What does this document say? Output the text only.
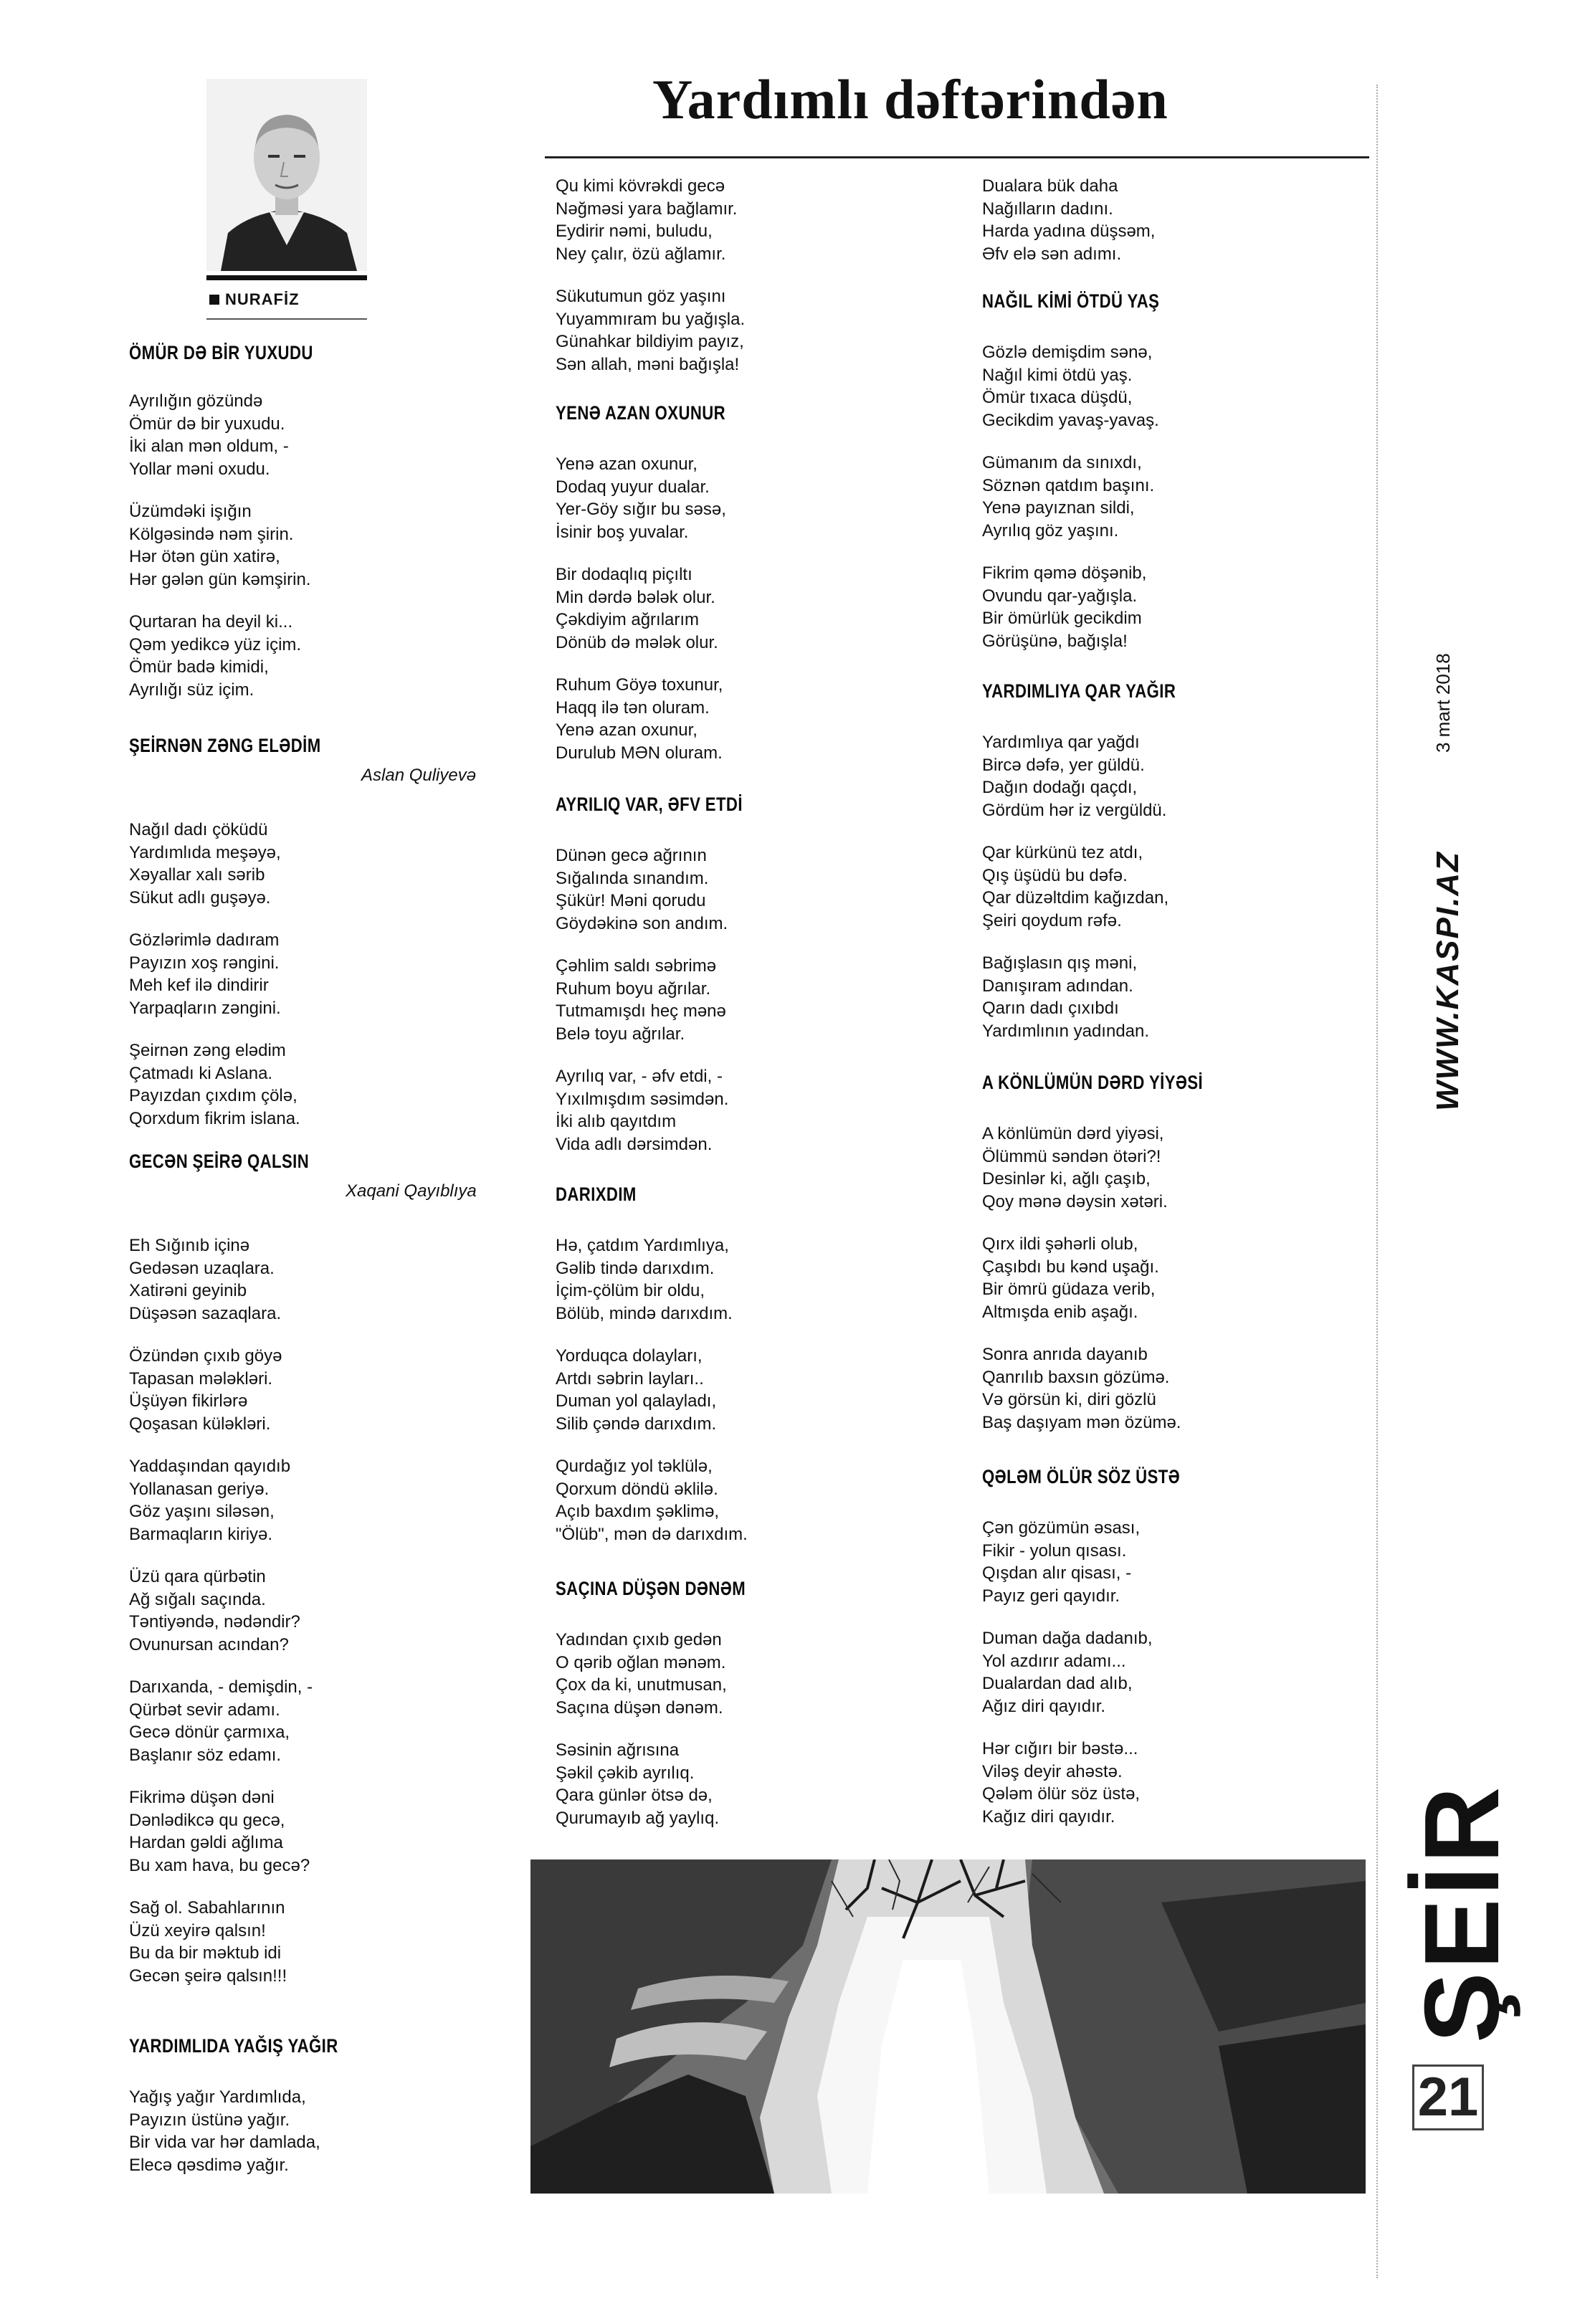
Yardımlı dəftərindən
NURAFİZ
ÖMÜR DƏ BİR YUXUDU
Ayrılığın gözündə
Ömür də bir yuxudu.
İki alan mən oldum, -
Yollar məni oxudu.
Üzümdəki işığın
Kölgəsində nəm şirin.
Hər ötən gün xatirə,
Hər gələn gün kəmşirin.
Qurtaran ha deyil ki...
Qəm yedikcə yüz içim.
Ömür badə kimidi,
Ayrılığı süz içim.
ŞEİRNƏN ZƏNG ELƏDİM
Aslan Quliyevə
Nağıl dadı çöküdü
Yardımlıda meşəyə,
Xəyallar xalı sərib
Sükut adlı guşəyə.
Gözlərimlə dadıram
Payızın xoş rəngini.
Meh kef ilə dindirir
Yarpaqların zəngini.
Şeirnən zəng elədim
Çatmadı ki Aslana.
Payızdan çıxdım çölə,
Qorxdum fikrim islana.
GECƏN ŞEİRƏ QALSIN
Xaqani Qayıblıya
Eh Sığınıb içinə
Gedəsən uzaqlara.
Xatirəni geyinib
Düşəsən sazaqlara.
Özündən çıxıb göyə
Tapasan mələkləri.
Üşüyən fikirlərə
Qoşasan küləkləri.
Yaddaşından qayıdıb
Yollanasan geriyə.
Göz yaşını siləsən,
Barmaqların kiriyə.
Üzü qara qürbətin
Ağ sığalı saçında.
Təntiyəndə, nədəndir?
Ovunursan acından?
Darıxanda, - demişdin, -
Qürbət sevir adamı.
Gecə dönür çarmıxa,
Başlanır söz edamı.
Fikrimə düşən dəni
Dənlədikcə qu gecə,
Hardan gəldi ağlıma
Bu xam hava, bu gecə?
Sağ ol. Sabahlarının
Üzü xeyirə qalsın!
Bu da bir məktub idi
Gecən şeirə qalsın!!!
YARDIMLIDA YAĞIŞ YAĞIR
Yağış yağır Yardımlıda,
Payızın üstünə yağır.
Bir vida var hər damlada,
Elecə qəsdimə yağır.
Qu kimi kövrəkdi gecə
Nəğməsi yara bağlamır.
Eydirir nəmi, buludu,
Ney çalır, özü ağlamır.
Sükutumun göz yaşını
Yuyammıram bu yağışla.
Günahkar bildiyim payız,
Sən allah, məni bağışla!
YENƏ AZAN OXUNUR
Yenə azan oxunur,
Dodaq yuyur dualar.
Yer-Göy sığır bu səsə,
İsinir boş yuvalar.
Bir dodaqlıq piçıltı
Min dərdə bələk olur.
Çəkdiyim ağrılarım
Dönüb də mələk olur.
Ruhum Göyə toxunur,
Haqq ilə tən oluram.
Yenə azan oxunur,
Durulub MƏN oluram.
AYRILIQ VAR, ƏFV ETDİ
Dünən gecə ağrının
Sığalında sınandım.
Şükür! Məni qorudu
Göydəkinə son andım.
Çəhlim saldı səbrimə
Ruhum boyu ağrılar.
Tutmamışdı heç mənə
Belə toyu ağrılar.
Ayrılıq var, - əfv etdi, -
Yıxılmışdım səsimdən.
İki alıb qayıtdım
Vida adlı dərsimdən.
DARIXDIM
Hə, çatdım Yardımlıya,
Gəlib tində darıxdım.
İçim-çölüm bir oldu,
Bölüb, mində darıxdım.
Yorduqca dolayları,
Artdı səbrin layları..
Duman yol qalayladı,
Silib çəndə darıxdım.
Qurdağız yol təklülə,
Qorxum döndü əklilə.
Açıb baxdım şəklimə,
"Ölüb", mən də darıxdım.
SAÇINA DÜŞƏN DƏNƏM
Yadından çıxıb gedən
O qərib oğlan mənəm.
Çox da ki, unutmusan,
Saçına düşən dənəm.
Səsinin ağrısına
Şəkil çəkib ayrılıq.
Qara günlər ötsə də,
Qurumayıb ağ yaylıq.
Dualara bük daha
Nağılların dadını.
Harda yadına düşsəm,
Əfv elə sən adımı.
NAĞIL KİMİ ÖTDÜ YAŞ
Gözlə demişdim sənə,
Nağıl kimi ötdü yaş.
Ömür tıxaca düşdü,
Gecikdim yavaş-yavaş.
Gümanım da sınıxdı,
Söznən qatdım başını.
Yenə payıznan sildi,
Ayrılıq göz yaşını.
Fikrim qəmə döşənib,
Ovundu qar-yağışla.
Bir ömürlük gecikdim
Görüşünə, bağışla!
YARDIMLIYA QAR YAĞIR
Yardımlıya qar yağdı
Bircə dəfə, yer güldü.
Dağın dodağı qaçdı,
Gördüm hər iz vergüldü.
Qar kürkünü tez atdı,
Qış üşüdü bu dəfə.
Qar düzəltdim kağızdan,
Şeiri qoydum rəfə.
Bağışlasın qış məni,
Danışıram adından.
Qarın dadı çıxıbdı
Yardımlının yadından.
A KÖNLÜMÜN DƏRD YİYƏSİ
A könlümün dərd yiyəsi,
Ölümmü səndən ötəri?!
Desinlər ki, ağlı çaşıb,
Qoy mənə dəysin xətəri.
Qırx ildi şəhərli olub,
Çaşıbdı bu kənd uşağı.
Bir ömrü güdaza verib,
Altmışda enib aşağı.
Sonra anrıda dayanıb
Qanrılıb baxsın gözümə.
Və görsün ki, diri gözlü
Baş daşıyam mən özümə.
QƏLƏM ÖLÜR SÖZ ÜSTƏ
Çən gözümün əsası,
Fikir - yolun qısası.
Qışdan alır qisası, -
Payız geri qayıdır.
Duman dağa dadanıb,
Yol azdırır adamı...
Dualardan dad alıb,
Ağız diri qayıdır.
Hər cığırı bir bəstə...
Viləş deyir ahəstə.
Qələm ölür söz üstə,
Kağız diri qayıdır.
3 mart 2018
WWW.KASPI.AZ
ŞEİR
21
